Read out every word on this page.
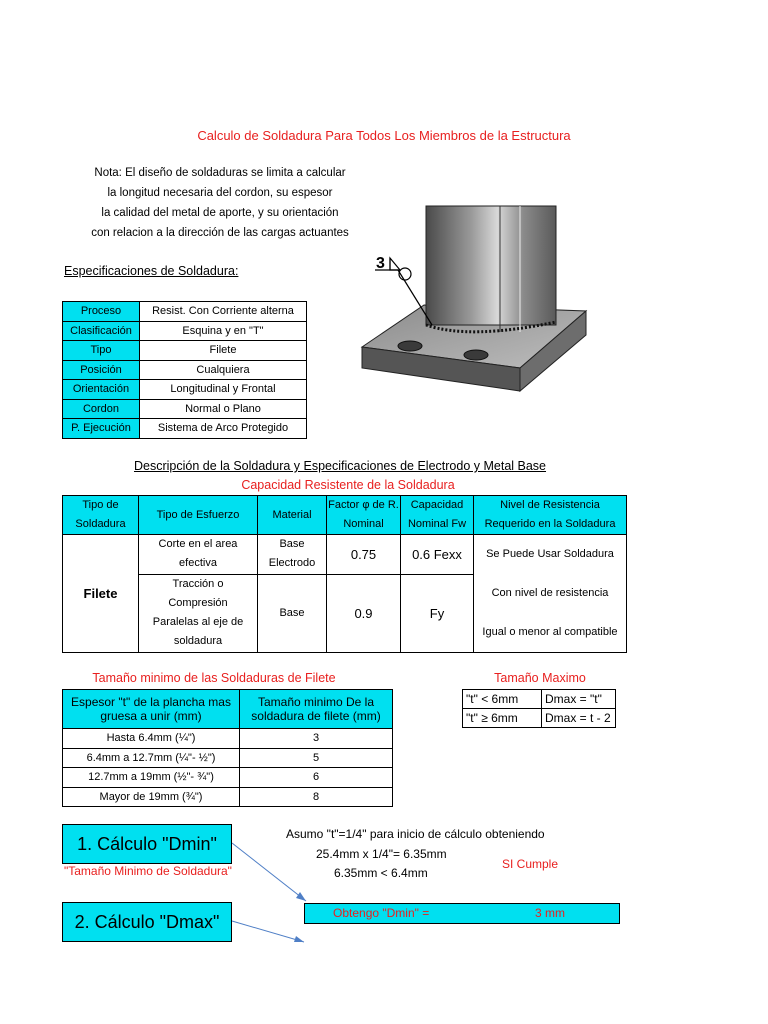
Calculo de Soldadura Para Todos Los Miembros de la Estructura
Nota: El diseño de soldaduras se limita a calcular
la longitud necesaria del cordon, su espesor
la calidad del metal de aporte, y su orientación
con relacion a la dirección de las cargas actuantes
Especificaciones de Soldadura:
Proceso	Resist. Con Corriente alterna
Clasificación	Esquina y en "T"
Tipo	Filete
Posición	Cualquiera
Orientación	Longitudinal y Frontal
Cordon	Normal o Plano
P. Ejecución	Sistema de Arco Protegido
3
Descripción de la Soldadura y Especificaciones de Electrodo y Metal Base
Capacidad Resistente de la Soldadura
Tipo de Soldadura	Tipo de Esfuerzo	Material	Factor φ de R. Nominal	Capacidad Nominal Fw	Nivel de Resistencia Requerido en la Soldadura
Filete	Corte en el area efectiva	Base Electrodo	0.75	0.6 Fexx	Se Puede Usar Soldadura
Con nivel de resistencia
Igual o menor al compatible

	Tracción o Compresión Paralelas al eje de soldadura	Base	0.9	Fy	
Tamaño minimo de las Soldaduras de Filete	Tamaño Maximo
Espesor "t" de la plancha mas gruesa a unir (mm)	Tamaño minimo De la soldadura de filete (mm)
Hasta 6.4mm (¼")	3
6.4mm a 12.7mm (¼"- ½")	5
12.7mm a 19mm (½"- ¾")	6
Mayor de 19mm (¾")	8
"t" < 6mm	Dmax = "t"
"t" ≥ 6mm	Dmax = t - 2
1. Cálculo "Dmin"
"Tamaño Minimo de Soldadura"
2. Cálculo "Dmax"
Asumo "t"=1/4" para inicio de cálculo obteniendo
25.4mm x 1/4"= 6.35mm
6.35mm < 6.4mm
SI Cumple
Obtengo "Dmin" =	3 mm
